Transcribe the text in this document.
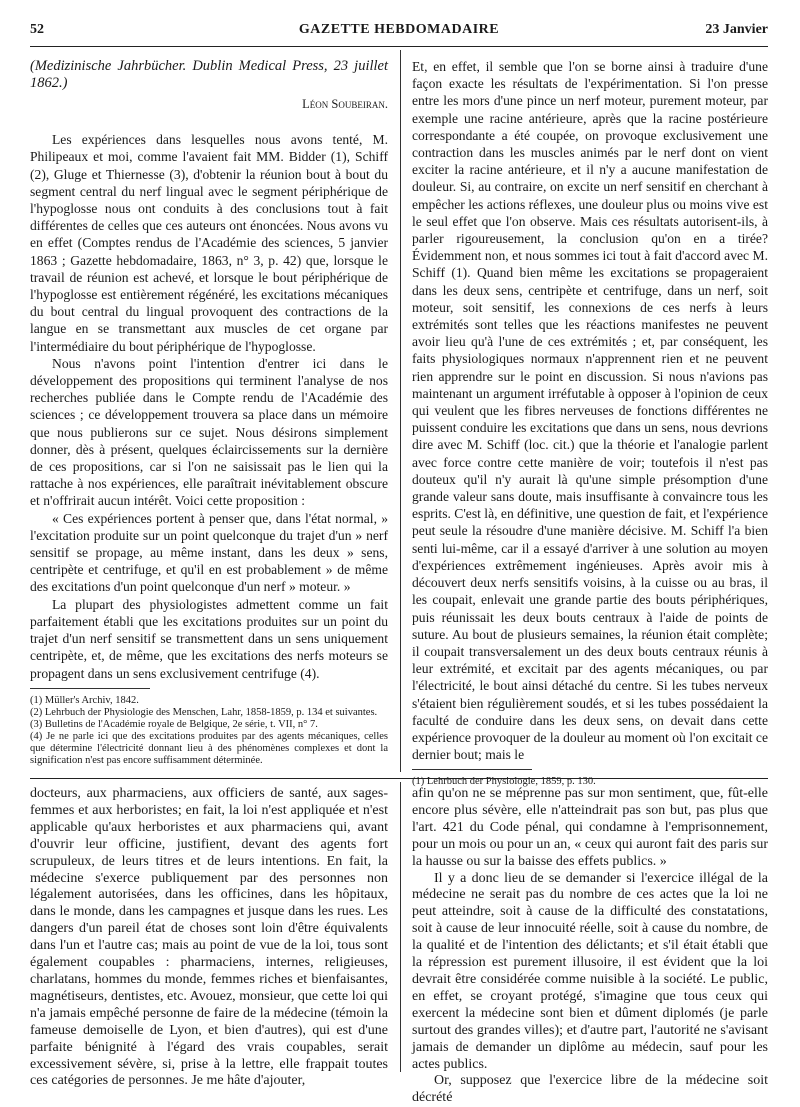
52	GAZETTE HEBDOMADAIRE	23 Janvier

(Medizinische Jahrbücher. Dublin Medical Press, 23 juillet 1862.)

Léon Soubeiran.

Les expériences dans lesquelles nous avons tenté, M. Philipeaux et moi, comme l'avaient fait MM. Bidder (1), Schiff (2), Gluge et Thiernesse (3), d'obtenir la réunion bout à bout du segment central du nerf lingual avec le segment périphérique de l'hypoglosse nous ont conduits à des conclusions tout à fait différentes de celles que ces auteurs ont énoncées. Nous avons vu en effet (Comptes rendus de l'Académie des sciences, 5 janvier 1863 ; Gazette hebdomadaire, 1863, n° 3, p. 42) que, lorsque le travail de réunion est achevé, et lorsque le bout périphérique de l'hypoglosse est entièrement régénéré, les excitations mécaniques du bout central du lingual provoquent des contractions de la langue en se transmettant aux muscles de cet organe par l'intermédiaire du bout périphérique de l'hypoglosse.

Nous n'avons point l'intention d'entrer ici dans le développement des propositions qui terminent l'analyse de nos recherches publiée dans le Compte rendu de l'Académie des sciences ; ce développement trouvera sa place dans un mémoire que nous publierons sur ce sujet. Nous désirons simplement donner, dès à présent, quelques éclaircissements sur la dernière de ces propositions, car si l'on ne saisissait pas le lien qui la rattache à nos expériences, elle paraîtrait inévitablement obscure et n'offrirait aucun intérêt. Voici cette proposition :

« Ces expériences portent à penser que, dans l'état normal, » l'excitation produite sur un point quelconque du trajet d'un » nerf sensitif se propage, au même instant, dans les deux » sens, centripète et centrifuge, et qu'il en est probablement » de même des excitations d'un point quelconque d'un nerf » moteur. »

La plupart des physiologistes admettent comme un fait parfaitement établi que les excitations produites sur un point du trajet d'un nerf sensitif se transmettent dans un sens uniquement centripète, et, de même, que les excitations des nerfs moteurs se propagent dans un sens exclusivement centrifuge (4).

(1) Müller's Archiv, 1842.

(2) Lehrbuch der Physiologie des Menschen, Lahr, 1858-1859, p. 134 et suivantes.

(3) Bulletins de l'Académie royale de Belgique, 2e série, t. VII, n° 7.

(4) Je ne parle ici que des excitations produites par des agents mécaniques, celles que détermine l'électricité donnant lieu à des phénomènes complexes et dont la signification n'est pas encore suffisamment déterminée.

Et, en effet, il semble que l'on se borne ainsi à traduire d'une façon exacte les résultats de l'expérimentation. Si l'on presse entre les mors d'une pince un nerf moteur, purement moteur, par exemple une racine antérieure, après que la racine postérieure correspondante a été coupée, on provoque exclusivement une contraction dans les muscles animés par le nerf dont on vient exciter la racine antérieure, et il n'y a aucune manifestation de douleur. Si, au contraire, on excite un nerf sensitif en cherchant à empêcher les actions réflexes, une douleur plus ou moins vive est le seul effet que l'on observe. Mais ces résultats autorisent-ils, à parler rigoureusement, la conclusion qu'on en a tirée? Évidemment non, et nous sommes ici tout à fait d'accord avec M. Schiff (1). Quand bien même les excitations se propageraient dans les deux sens, centripète et centrifuge, dans un nerf, soit moteur, soit sensitif, les connexions de ces nerfs à leurs extrémités sont telles que les réactions manifestes ne peuvent avoir lieu qu'à l'une de ces extrémités ; et, par conséquent, les faits physiologiques normaux n'apprennent rien et ne peuvent rien apprendre sur le point en discussion. Si nous n'avions pas maintenant un argument irréfutable à opposer à l'opinion de ceux qui veulent que les fibres nerveuses de fonctions différentes ne puissent conduire les excitations que dans un sens, nous devrions dire avec M. Schiff (loc. cit.) que la théorie et l'analogie parlent avec force contre cette manière de voir; toutefois il n'est pas douteux qu'il n'y aurait là qu'une simple présomption d'une grande valeur sans doute, mais insuffisante à convaincre tous les esprits. C'est là, en définitive, une question de fait, et l'expérience peut seule la résoudre d'une manière décisive. M. Schiff l'a bien senti lui-même, car il a essayé d'arriver à une solution au moyen d'expériences extrêmement ingénieuses. Après avoir mis à découvert deux nerfs sensitifs voisins, à la cuisse ou au bras, il les coupait, enlevait une grande partie des bouts périphériques, puis réunissait les deux bouts centraux à l'aide de points de suture. Au bout de plusieurs semaines, la réunion était complète; il coupait transversalement un des deux bouts centraux réunis à leur extrémité, et excitait par des agents mécaniques, ou par l'électricité, le bout ainsi détaché du centre. Si les tubes nerveux s'étaient bien régulièrement soudés, et si les tubes possédaient la faculté de conduire dans les deux sens, on devait dans cette expérience provoquer de la douleur au moment où l'on excitait ce dernier bout; mais le

(1) Lehrbuch der Physiologie, 1859, p. 130.

docteurs, aux pharmaciens, aux officiers de santé, aux sages-femmes et aux herboristes; en fait, la loi n'est appliquée et n'est applicable qu'aux herboristes et aux pharmaciens qui, avant d'ouvrir leur officine, justifient, devant des agents fort scrupuleux, de leurs titres et de leurs intentions. En fait, la médecine s'exerce publiquement par des personnes non légalement autorisées, dans les officines, dans les hôpitaux, dans le monde, dans les campagnes et jusque dans les rues. Les dangers d'un pareil état de choses sont loin d'être équivalents dans l'un et l'autre cas; mais au point de vue de la loi, tous sont également coupables : pharmaciens, internes, religieuses, charlatans, hommes du monde, femmes riches et bienfaisantes, magnétiseurs, dentistes, etc. Avouez, monsieur, que cette loi qui n'a jamais empêché personne de faire de la médecine (témoin la fameuse demoiselle de Lyon, et bien d'autres), qui est d'une parfaite bénignité à l'égard des vrais coupables, serait excessivement sévère, si, prise à la lettre, elle frappait toutes ces catégories de personnes. Je me hâte d'ajouter,

afin qu'on ne se méprenne pas sur mon sentiment, que, fût-elle encore plus sévère, elle n'atteindrait pas son but, pas plus que l'art. 421 du Code pénal, qui condamne à l'emprisonnement, pour un mois ou pour un an, « ceux qui auront fait des paris sur la hausse ou sur la baisse des effets publics. »

Il y a donc lieu de se demander si l'exercice illégal de la médecine ne serait pas du nombre de ces actes que la loi ne peut atteindre, soit à cause de la difficulté des constatations, soit à cause de leur innocuité réelle, soit à cause du nombre, de la qualité et de l'intention des délictants; et s'il était établi que la répression est purement illusoire, il est évident que la loi devrait être considérée comme nuisible à la société. Le public, en effet, se croyant protégé, s'imagine que tous ceux qui exercent la médecine sont bien et dûment diplomés (je parle surtout des grandes villes); et d'autre part, l'autorité ne s'avisant jamais de demander un diplôme au médecin, sauf pour les actes publics.

Or, supposez que l'exercice libre de la médecine soit décrété
